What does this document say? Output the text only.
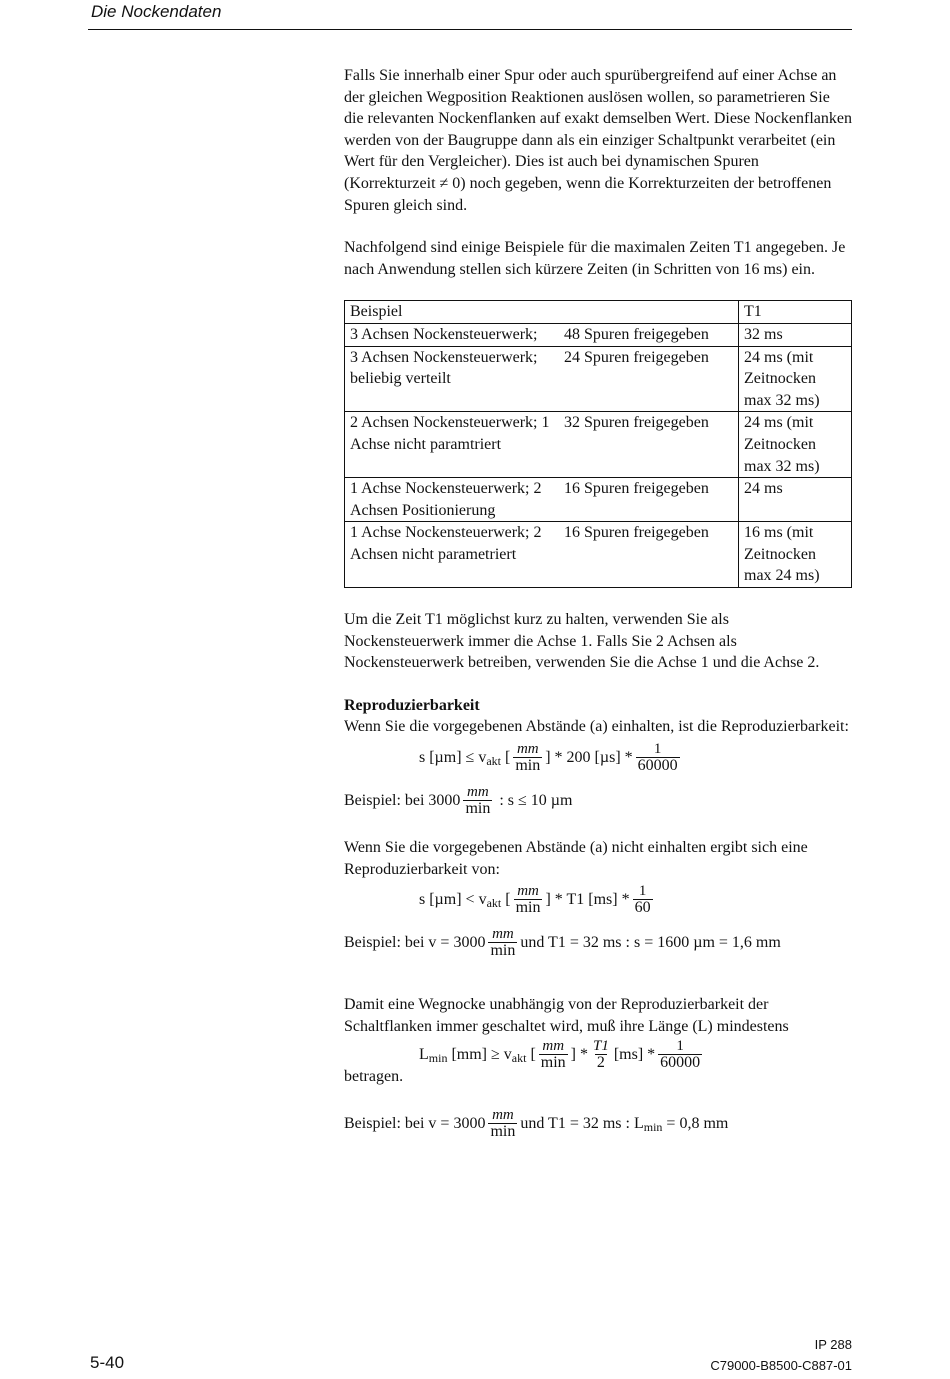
Die Nockendaten

Falls Sie innerhalb einer Spur oder auch spurübergreifend auf einer Achse an der gleichen Wegposition Reaktionen auslösen wollen, so parametrieren Sie die relevanten Nockenflanken auf exakt demselben Wert. Diese Nockenflanken werden von der Baugruppe dann als ein einziger Schaltpunkt verarbeitet (ein Wert für den Vergleicher). Dies ist auch bei dynamischen Spuren (Korrekturzeit ≠ 0) noch gegeben, wenn die Korrekturzeiten der betroffenen Spuren gleich sind.

Nachfolgend sind einige Beispiele für die maximalen Zeiten T1 angegeben. Je nach Anwendung stellen sich kürzere Zeiten (in Schritten von 16 ms) ein.

Beispiel		T1
3 Achsen Nockensteuerwerk;	48 Spuren freigegeben	32 ms
3 Achsen Nockensteuerwerk; beliebig verteilt	24 Spuren freigegeben	24 ms (mit Zeitnocken max 32 ms)
2 Achsen Nockensteuerwerk; 1 Achse nicht paramtriert	32 Spuren freigegeben	24 ms (mit Zeitnocken max 32 ms)
1 Achse Nockensteuerwerk; 2 Achsen Positionierung	16 Spuren freigegeben	24 ms
1 Achse Nockensteuerwerk; 2 Achsen nicht parametriert	16 Spuren freigegeben	16 ms (mit Zeitnocken max 24 ms)

Um die Zeit T1 möglichst kurz zu halten, verwenden Sie als Nockensteuerwerk immer die Achse 1. Falls Sie 2 Achsen als Nockensteuerwerk betreiben, verwenden Sie die Achse 1 und die Achse 2.

Reproduzierbarkeit

Wenn Sie die vorgegebenen Abstände (a) einhalten, ist die Reproduzierbarkeit:

s [µm] ≤ v akt
[ $\frac{mm}{\min}$ ]
* 200 $[\mu s] * \frac{1}{60000}$
Beispiel: bei $3000 \frac{mm}{\min}$
: s ≤ 10 µm

Wenn Sie die vorgegebenen Abstände (a) nicht einhalten ergibt sich eine Reproduzierbarkeit von:

s [µm] < v akt
[ $\frac{mm}{\min}$ ]
* T1 $[ms] * \frac{1}{60}$
Beispiel: bei $v = 3000 \frac{mm}{\min}$ und T1 = 32 ms : s = 1600 µm = 1,6 mm

Damit eine Wegnocke unabhängig von der Reproduzierbarkeit der Schaltflanken immer geschaltet wird, muß ihre Länge (L) mindestens

L min
[mm] ≥ v akt
[ $\frac{mm}{\min}$ ]
* $\frac{T1}{2} [ms] * \frac{1}{60000}$

betragen.

Beispiel: bei $v = 3000 \frac{mm}{\min}$ und T1 = 32 ms : L min
= 0,8 mm
5-40
IP 288
C79000-B8500-C887-01
